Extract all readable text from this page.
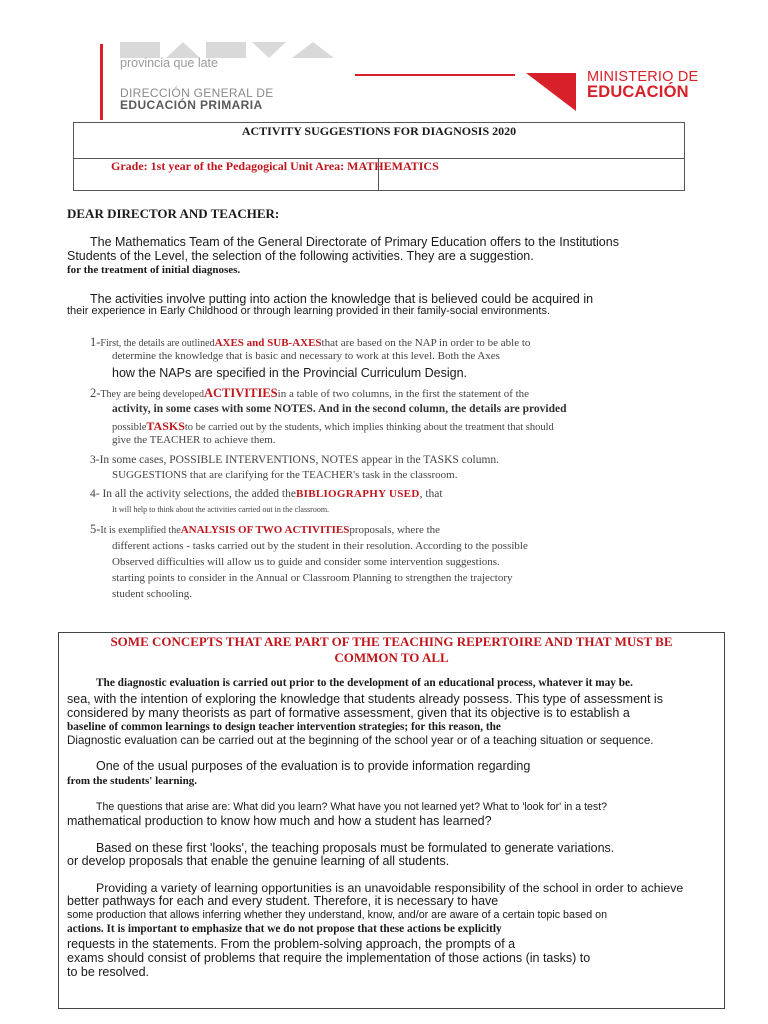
provincia que late
DIRECCIÓN GENERAL DE
EDUCACIÓN PRIMARIA
MINISTERIO DE
EDUCACIÓN
ACTIVITY SUGGESTIONS FOR DIAGNOSIS 2020
Grade: 1st year of the Pedagogical Unit Area: MATHEMATICS
DEAR DIRECTOR AND TEACHER:
The Mathematics Team of the General Directorate of Primary Education offers to the Institutions
Students of the Level, the selection of the following activities. They are a suggestion.
for the treatment of initial diagnoses.
The activities involve putting into action the knowledge that is believed could be acquired in
their experience in Early Childhood or through learning provided in their family-social environments.
1-First, the details are outlinedAXES and SUB-AXESthat are based on the NAP in order to be able to
determine the knowledge that is basic and necessary to work at this level. Both the Axes
how the NAPs are specified in the Provincial Curriculum Design.
2-They are being developedACTIVITIESin a table of two columns, in the first the statement of the
activity, in some cases with some NOTES. And in the second column, the details are provided
possibleTASKSto be carried out by the students, which implies thinking about the treatment that should
give the TEACHER to achieve them.
3-In some cases, POSSIBLE INTERVENTIONS, NOTES appear in the TASKS column.
SUGGESTIONS that are clarifying for the TEACHER's task in the classroom.
4- In all the activity selections, the added theBIBLIOGRAPHY USED, that
It will help to think about the activities carried out in the classroom.
5-It is exemplified theANALYSIS OF TWO ACTIVITIESproposals, where the
different actions - tasks carried out by the student in their resolution. According to the possible
Observed difficulties will allow us to guide and consider some intervention suggestions.
starting points to consider in the Annual or Classroom Planning to strengthen the trajectory
student schooling.
SOME CONCEPTS THAT ARE PART OF THE TEACHING REPERTOIRE AND THAT MUST BE
COMMON TO ALL
The diagnostic evaluation is carried out prior to the development of an educational process, whatever it may be.
sea, with the intention of exploring the knowledge that students already possess. This type of assessment is
considered by many theorists as part of formative assessment, given that its objective is to establish a
baseline of common learnings to design teacher intervention strategies; for this reason, the
Diagnostic evaluation can be carried out at the beginning of the school year or of a teaching situation or sequence.
One of the usual purposes of the evaluation is to provide information regarding
from the students' learning.
The questions that arise are: What did you learn? What have you not learned yet? What to 'look for' in a test?
mathematical production to know how much and how a student has learned?
Based on these first 'looks', the teaching proposals must be formulated to generate variations.
or develop proposals that enable the genuine learning of all students.
Providing a variety of learning opportunities is an unavoidable responsibility of the school in order to achieve
better pathways for each and every student. Therefore, it is necessary to have
some production that allows inferring whether they understand, know, and/or are aware of a certain topic based on
actions. It is important to emphasize that we do not propose that these actions be explicitly
requests in the statements. From the problem-solving approach, the prompts of a
exams should consist of problems that require the implementation of those actions (in tasks) to
to be resolved.
